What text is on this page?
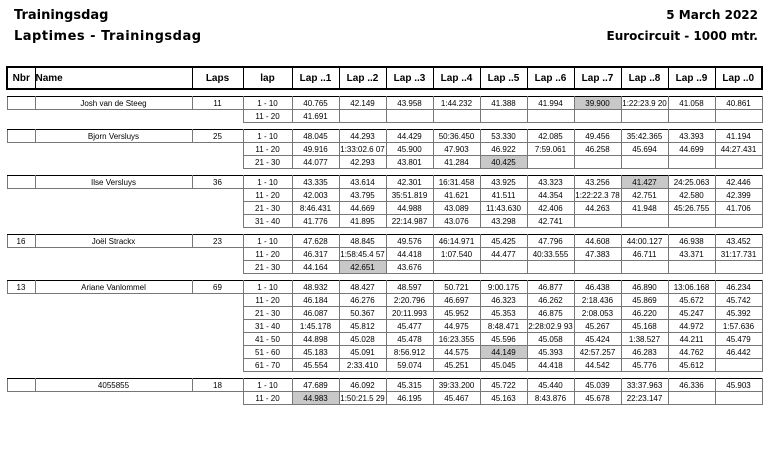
Trainingsdag
Laptimes - Trainingsdag
5 March 2022
Eurocircuit - 1000 mtr.
Nbr	Name	Laps	lap	Lap ..1	Lap ..2	Lap ..3	Lap ..4	Lap ..5	Lap ..6	Lap ..7	Lap ..8	Lap ..9	Lap ..0

	Josh van de Steeg	11	1 - 10	40.765	42.149	43.958	1:44.232	41.388	41.994	39.900	1:22:23.9 20	41.058	40.861
			11 - 20	41.691									

	Bjorn Versluys	25	1 - 10	48.045	44.293	44.429	50:36.450	53.330	42.085	49.456	35:42.365	43.393	41.194
			11 - 20	49.916	1:33:02.6 07	45.900	47.903	46.922	7:59.061	46.258	45.694	44.699	44:27.431
			21 - 30	44.077	42.293	43.801	41.284	40.425					

	Ilse Versluys	36	1 - 10	43.335	43.614	42.301	16:31.458	43.925	43.323	43.256	41.427	24:25.063	42.446
			11 - 20	42.003	43.795	35:51.819	41.621	41.511	44.354	1:22:22.3 78	42.751	42.580	42.399
			21 - 30	8:46.431	44.669	44.988	43.089	11:43.630	42.406	44.263	41.948	45:26.755	41.706
			31 - 40	41.776	41.895	22:14.987	43.076	43.298	42.741				

16	Joël Strackx	23	1 - 10	47.628	48.845	49.576	46:14.971	45.425	47.796	44.608	44:00.127	46.938	43.452
			11 - 20	46.317	1:58:45.4 57	44.418	1:07.540	44.477	40:33.555	47.383	46.711	43.371	31:17.731
			21 - 30	44.164	42.651	43.676							

13	Ariane Vanlommel	69	1 - 10	48.932	48.427	48.597	50.721	9:00.175	46.877	46.438	46.890	13:06.168	46.234
			11 - 20	46.184	46.276	2:20.796	46.697	46.323	46.262	2:18.436	45.869	45.672	45.742
			21 - 30	46.087	50.367	20:11.993	45.952	45.353	46.875	2:08.053	46.220	45.247	45.392
			31 - 40	1:45.178	45.812	45.477	44.975	8:48.471	2:28:02.9 93	45.267	45.168	44.972	1:57.636
			41 - 50	44.898	45.028	45.478	16:23.355	45.596	45.058	45.424	1:38.527	44.211	45.479
			51 - 60	45.183	45.091	8:56.912	44.575	44.149	45.393	42:57.257	46.283	44.762	46.442
			61 - 70	45.554	2:33.410	59.074	45.251	45.045	44.418	44.542	45.776	45.612	

	4055855	18	1 - 10	47.689	46.092	45.315	39:33.200	45.722	45.440	45.039	33:37.963	46.336	45.903
			11 - 20	44.983	1:50:21.5 29	46.195	45.467	45.163	8:43.876	45.678	22:23.147		
